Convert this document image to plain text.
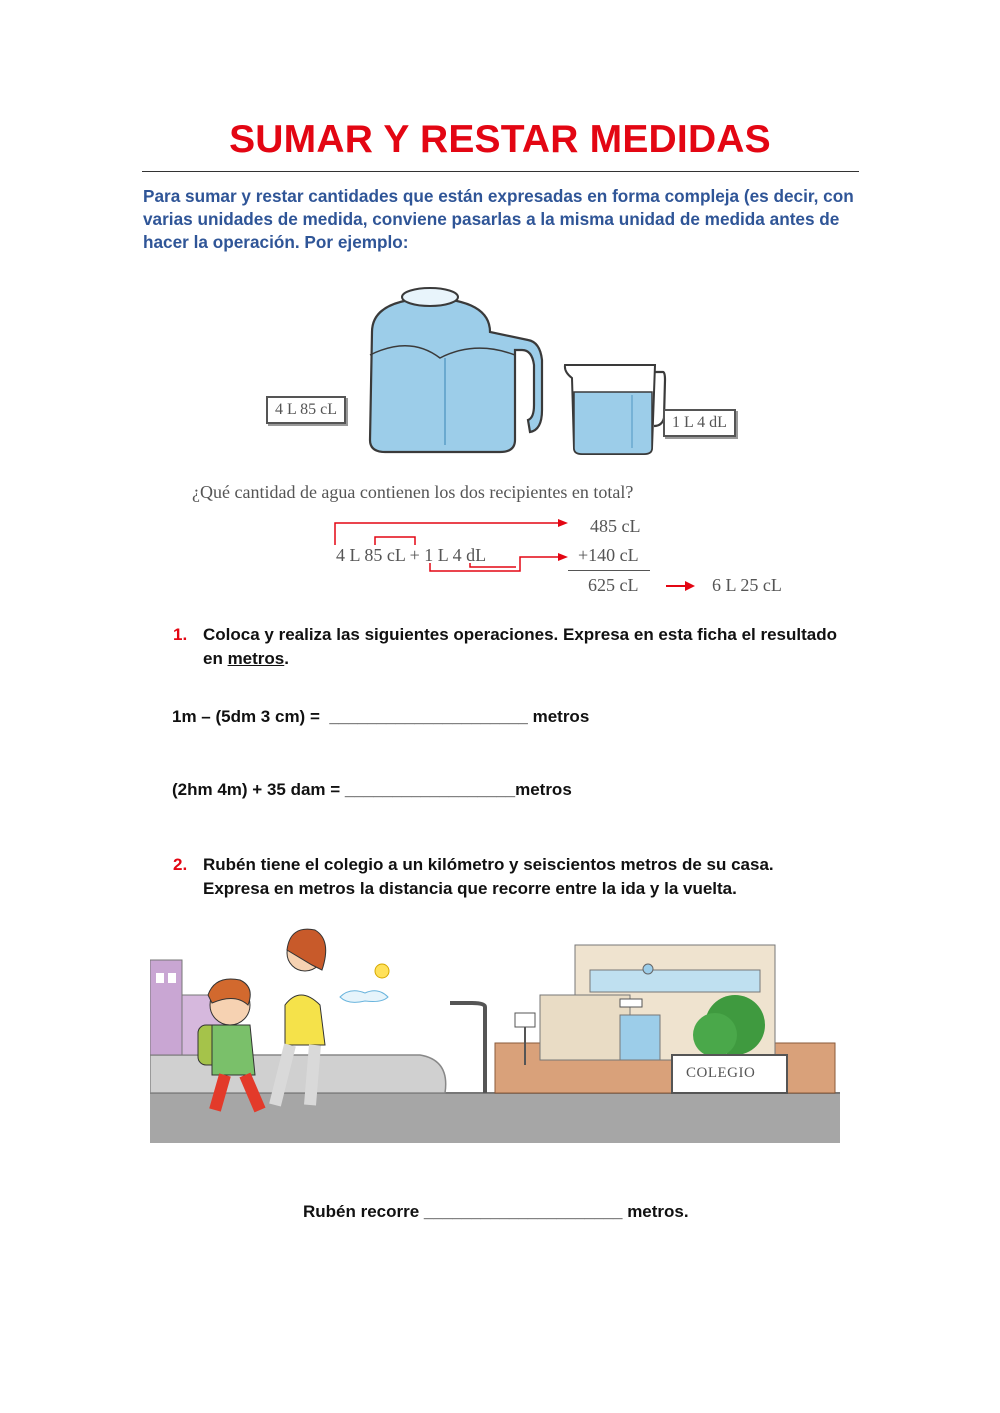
SUMAR Y RESTAR MEDIDAS
Para sumar y restar cantidades que están expresadas en forma compleja (es decir, con varias unidades de medida, conviene pasarlas a la misma unidad de medida antes de hacer la operación. Por ejemplo:
4 L 85 cL
1 L 4 dL
¿Qué cantidad de agua contienen los dos recipientes en total?
4 L 85 cL + 1 L 4 dL
485 cL
+140 cL
625 cL	6 L 25 cL
1. Coloca y realiza las siguientes operaciones. Expresa en esta ficha el resultado en metros.
1m – (5dm 3 cm) =  _____________________ metros
(2hm 4m) + 35 dam = __________________metros
2. Rubén tiene el colegio a un kilómetro y seiscientos metros de su casa. Expresa en metros la distancia que recorre entre la ida y la vuelta.
COLEGIO
Rubén recorre _____________________ metros.
